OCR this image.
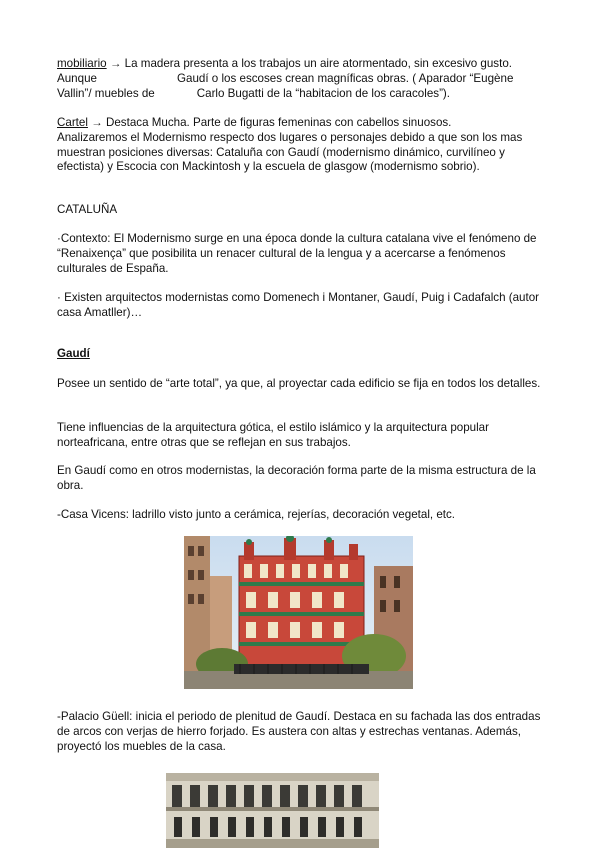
mobiliario → La madera presenta a los trabajos un aire atormentado, sin excesivo gusto.
Aunque	Gaudí o los escoses crean magníficas obras. ( Aparador “Eugène
Vallin”/ muebles de	Carlo Bugatti de la “habitacion de los caracoles”).

Cartel → Destaca Mucha. Parte de figuras femeninas con cabellos sinuosos.
Analizaremos el Modernismo respecto dos lugares o personajes debido a que son los mas muestran posiciones diversas: Cataluña con Gaudí (modernismo dinámico, curvilíneo y efectista) y Escocia con Mackintosh y la escuela de glasgow (modernismo sobrio).

CATALUÑA

·Contexto: El Modernismo surge en una época donde la cultura catalana vive el fenómeno de “Renaixença” que posibilita un renacer cultural de la lengua y a acercarse a fenómenos culturales de España.

· Existen arquitectos modernistas como Domenech i Montaner, Gaudí, Puig i Cadafalch (autor casa Amatller)…

Gaudí

Posee un sentido de “arte total”, ya que, al proyectar cada edificio se fija en todos los detalles.

Tiene influencias de la arquitectura gótica, el estilo islámico y la arquitectura popular norteafricana, entre otras que se reflejan en sus trabajos.

En Gaudí como en otros modernistas, la decoración forma parte de la misma estructura de la obra.

-Casa Vicens: ladrillo visto junto a cerámica, rejerías, decoración vegetal, etc.

-Palacio Güell: inicia el periodo de plenitud de Gaudí. Destaca en su fachada las dos entradas de arcos con verjas de hierro forjado. Es austera con altas y estrechas ventanas. Además, proyectó los muebles de la casa.
